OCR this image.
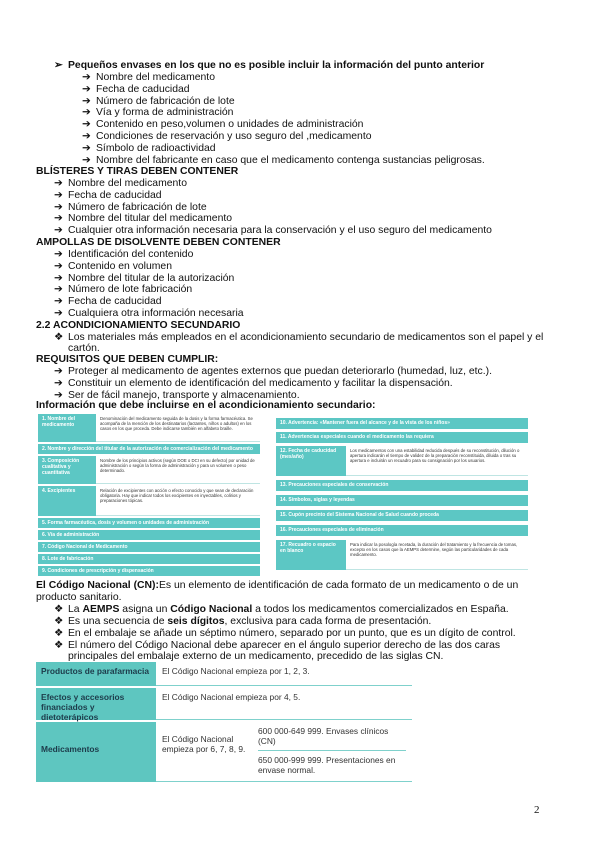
➢ Pequeños envases en los que no es posible incluir la información del punto anterior
➔ Nombre del medicamento
➔ Fecha de caducidad
➔ Número de fabricación de lote
➔ Vía y forma de administración
➔ Contenido en peso,volumen o unidades de administración
➔ Condiciones de reservación y uso seguro del ,medicamento
➔ Símbolo de radioactividad
➔ Nombre del fabricante en caso que el medicamento contenga sustancias peligrosas.
BLÍSTERES Y TIRAS DEBEN CONTENER
➔ Nombre del medicamento
➔ Fecha de caducidad
➔ Número de fabricación de lote
➔ Nombre del titular del medicamento
➔ Cualquier otra información necesaria para la conservación y el uso seguro del medicamento
AMPOLLAS DE DISOLVENTE DEBEN CONTENER
➔ Identificación del contenido
➔ Contenido en volumen
➔ Nombre del titular de la autorización
➔ Número de lote fabricación
➔ Fecha de caducidad
➔ Cualquiera otra información necesaria
2.2 ACONDICIONAMIENTO SECUNDARIO
❖ Los materiales más empleados en el acondicionamiento secundario de medicamentos son el papel y el
cartón.
REQUISITOS QUE DEBEN CUMPLIR:
➔ Proteger al medicamento de agentes externos que puedan deteriorarlo (humedad, luz, etc.).
➔ Constituir un elemento de identificación del medicamento y facilitar la dispensación.
➔ Ser de fácil manejo, transporte y almacenamiento.
Información que debe incluirse en el acondicionamiento secundario:
1. Nombre del medicamento
Denominación del medicamento seguida de la dosis y la forma farmacéutica. Se acompaña de la mención de los destinatarios (lactantes, niños o adultos) en los casos en los que proceda. Debe indicarse también en alfabeto braille.
2. Nombre y dirección del titular de la autorización de comercialización del medicamento
3. Composición cualitativa y cuantitativa
Nombre de los principios activos (según DOE o DCI en su defecto) por unidad de administración o según la forma de administración y para un volumen o peso determinado.
4. Excipientes	Relación de excipientes con acción o efecto conocido y que sean de declaración obligatoria. Hay que indicar todos los excipientes en inyectables, colirios y preparaciones tópicas.
5. Forma farmacéutica, dosis y volumen o unidades de administración
6. Vía de administración
7. Código Nacional de Medicamento
8. Lote de fabricación
9. Condiciones de prescripción y dispensación
10. Advertencia: «Mantener fuera del alcance y de la vista de los niños»
11. Advertencias especiales cuando el medicamento las requiera
12. Fecha de caducidad (mes/año)
Los medicamentos con una estabilidad reducida después de su reconstitución, dilución o apertura indicarán el tiempo de validez de la preparación reconstituida, diluida o tras su apertura e incluirán un recuadro para su consignación por los usuarios.
13. Precauciones especiales de conservación
14. Símbolos, siglas y leyendas
15. Cupón precinto del Sistema Nacional de Salud cuando proceda
16. Precauciones especiales de eliminación
17. Recuadro o espacio en blanco
Para indicar la posología recetada, la duración del tratamiento y la frecuencia de tomas, excepto en los casos que la AEMPS determine, según las particularidades de cada medicamento.
El Código Nacional (CN):Es un elemento de identificación de cada formato de un medicamento o de un
producto sanitario.
❖ La AEMPS asigna un Código Nacional a todos los medicamentos comercializados en España.
❖ Es una secuencia de seis dígitos, exclusiva para cada forma de presentación.
❖ En el embalaje se añade un séptimo número, separado por un punto, que es un dígito de control.
❖ El número del Código Nacional debe aparecer en el ángulo superior derecho de las dos caras
principales del embalaje externo de un medicamento, precedido de las siglas CN.
Productos de parafarmacia	El Código Nacional empieza por 1, 2, 3.
Efectos y accesorios financiados y dietoterápicos
El Código Nacional empieza por 4, 5.
Medicamentos
El Código Nacional empieza por 6, 7, 8, 9.
600 000-649 999. Envases clínicos (CN)
650 000-999 999. Presentaciones en envase normal.
2
